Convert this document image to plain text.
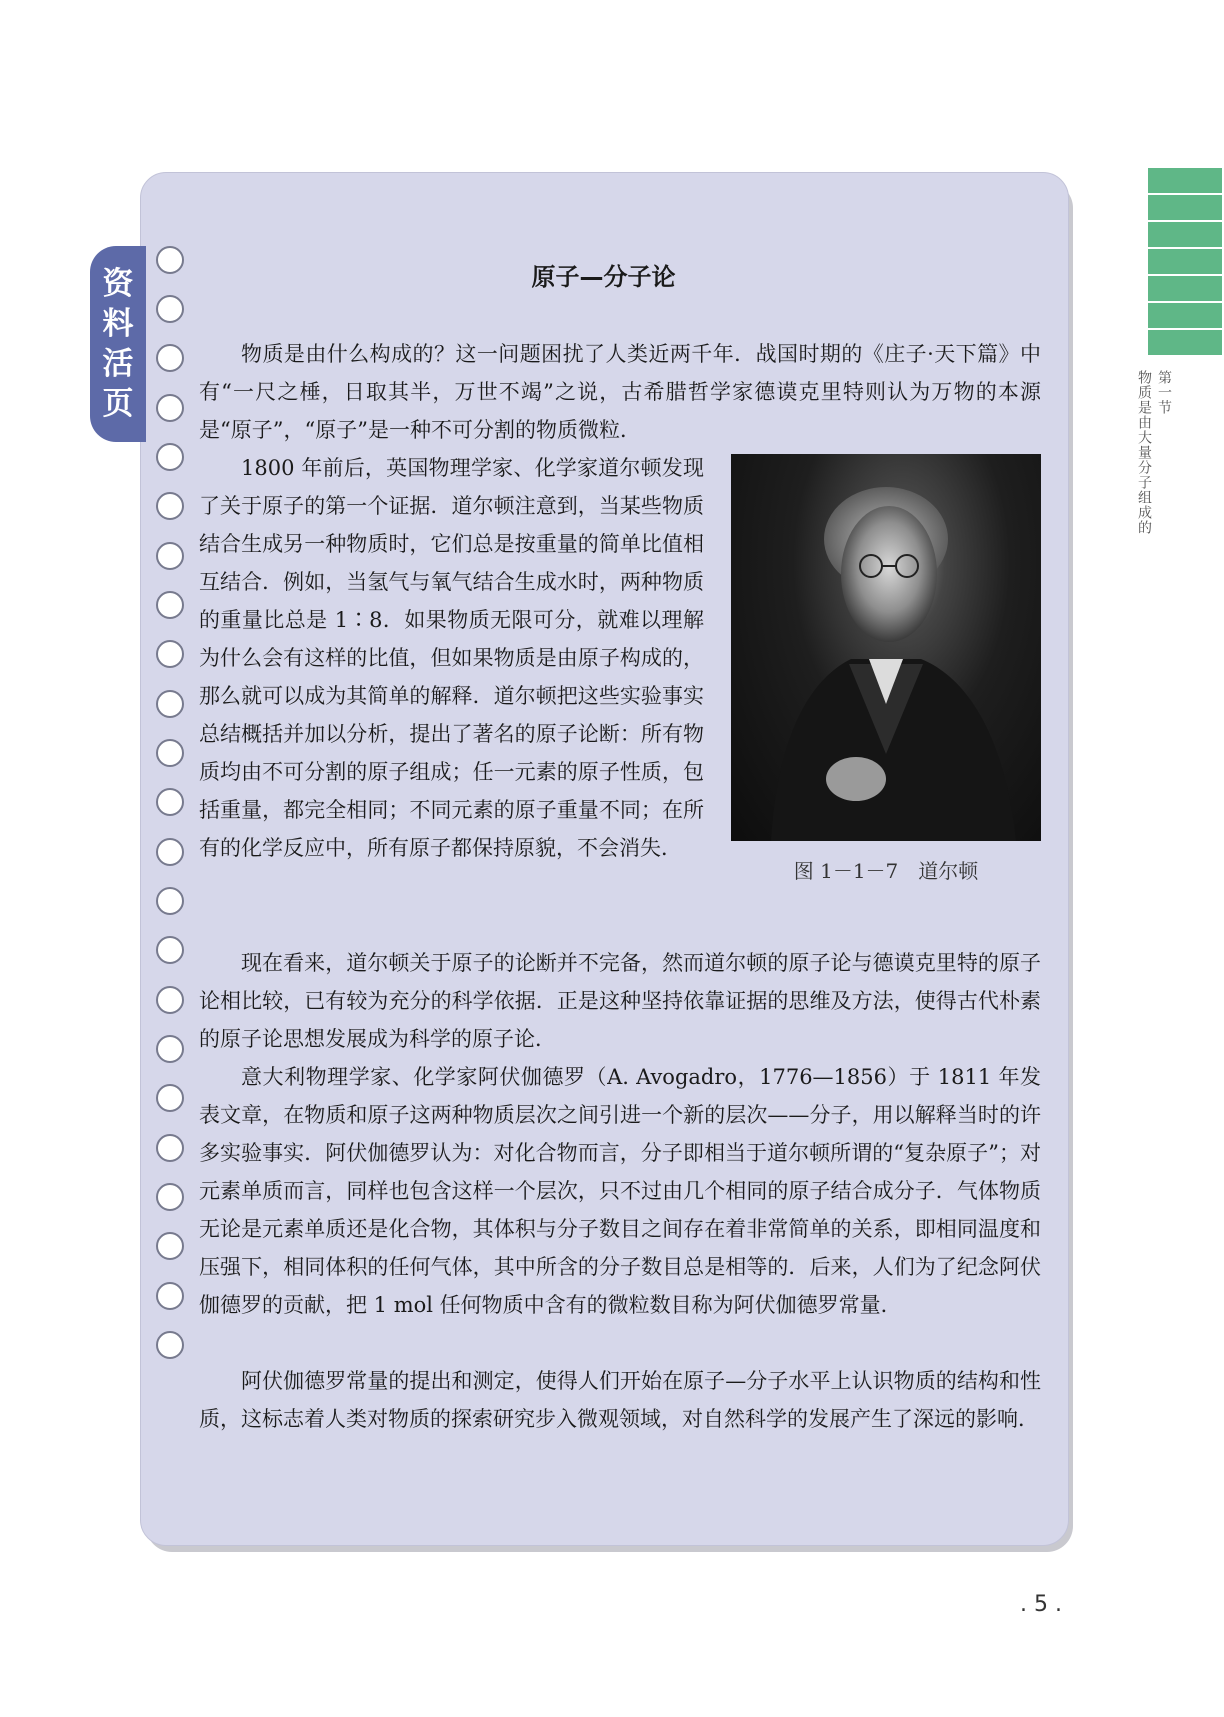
第一节
物质是由大量分子组成的
资
料
活
页
原子—分子论

物质是由什么构成的？这一问题困扰了人类近两千年．战国时期的《庄子·天下篇》中有“一尺之棰，日取其半，万世不竭”之说，古希腊哲学家德谟克里特则认为万物的本源是“原子”，“原子”是一种不可分割的物质微粒．

1800 年前后，英国物理学家、化学家道尔顿发现了关于原子的第一个证据．道尔顿注意到，当某些物质结合生成另一种物质时，它们总是按重量的简单比值相互结合．例如，当氢气与氧气结合生成水时，两种物质的重量比总是 1∶8．如果物质无限可分，就难以理解为什么会有这样的比值，但如果物质是由原子构成的，那么就可以成为其简单的解释．道尔顿把这些实验事实总结概括并加以分析，提出了著名的原子论断：所有物质均由不可分割的原子组成；任一元素的原子性质，包括重量，都完全相同；不同元素的原子重量不同；在所有的化学反应中，所有原子都保持原貌，不会消失．

现在看来，道尔顿关于原子的论断并不完备，然而道尔顿的原子论与德谟克里特的原子论相比较，已有较为充分的科学依据．正是这种坚持依靠证据的思维及方法，使得古代朴素的原子论思想发展成为科学的原子论．

意大利物理学家、化学家阿伏伽德罗（A. Avogadro，1776—1856）于 1811 年发表文章，在物质和原子这两种物质层次之间引进一个新的层次——分子，用以解释当时的许多实验事实．阿伏伽德罗认为：对化合物而言，分子即相当于道尔顿所谓的“复杂原子”；对元素单质而言，同样也包含这样一个层次，只不过由几个相同的原子结合成分子．气体物质无论是元素单质还是化合物，其体积与分子数目之间存在着非常简单的关系，即相同温度和压强下，相同体积的任何气体，其中所含的分子数目总是相等的．后来，人们为了纪念阿伏伽德罗的贡献，把 1 mol 任何物质中含有的微粒数目称为阿伏伽德罗常量．

阿伏伽德罗常量的提出和测定，使得人们开始在原子—分子水平上认识物质的结构和性质，这标志着人类对物质的探索研究步入微观领域，对自然科学的发展产生了深远的影响．

图 1－1－7　道尔顿
. 5 .
